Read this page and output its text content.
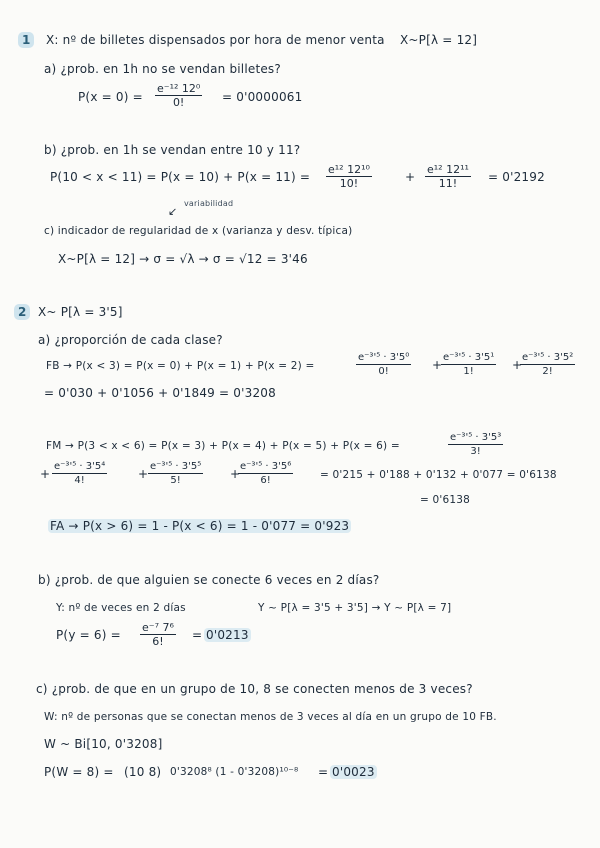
1	X: nº de billetes dispensados por hora de menor venta X~P[λ = 12]
a) ¿prob. en 1h no se vendan billetes?
$P(x = 0) = \frac{\text{e⁻¹² 12⁰}}{0!} = 0'0000061$
b) ¿prob. en 1h se vendan entre 10 y 11?
$P(10 < x < 11) = P(x = 10) + P(x = 11) = \frac{\text{e¹² 12¹⁰}}{10!}$	+ $\frac{\text{e¹² 12¹¹}}{11!} = 0'2192$
↙
variabilidad
c) indicador de regularidad de x (varianza y desv. típica)
X~P[λ = 12] → σ = √λ → σ = √12 = 3'46
2 X~ P[λ = 3'5]
a) ¿proporción de cada clase?
FB → P(x < 3) = P(x = 0) + P(x = 1) + P(x = 2) =	$\frac{\text{e⁻³'⁵ · 3'5⁰}}{0!}$ +
$\frac{\text{e⁻³'⁵ · 3'5¹}}{1!}$ +
$\frac{\text{e⁻³'⁵ · 3'5²}}{2!}$
= 0'030 + 0'1056 + 0'1849 = 0'3208
FM → P(3 < x < 6) = P(x = 3) + P(x = 4) + P(x = 5) + P(x = 6) =	$\frac{\text{e⁻³'⁵ · 3'5³}}{3!}$
+ $\frac{\text{e⁻³'⁵ · 3'5⁴}}{4!}$	+ $\frac{\text{e⁻³'⁵ · 3'5⁵}}{5!}$ +
$\frac{\text{e⁻³'⁵ · 3'5⁶}}{6!}$	= 0'215 + 0'188 + 0'132 + 0'077 = 0'6138
= 0'6138
FA → P(x > 6) = 1 - P(x < 6) = 1 - 0'077 = 0'923
b) ¿prob. de que alguien se conecte 6 veces en 2 días?
Y: nº de veces en 2 días	Y ~ P[λ = 3'5 + 3'5] → Y ~ P[λ = 7]
$P(y = 6) = \frac{\text{e⁻⁷ 7⁶}}{6!} = 0'0213$
c) ¿prob. de que en un grupo de 10, 8 se conecten menos de 3 veces?
W: nº de personas que se conectan menos de 3 veces al día en un grupo de 10 FB.
W ~ Bi[10, 0'3208]
P(W = 8) = (10 8) 0'3208⁸ (1 - 0'3208)¹⁰⁻⁸ = 0'0023
